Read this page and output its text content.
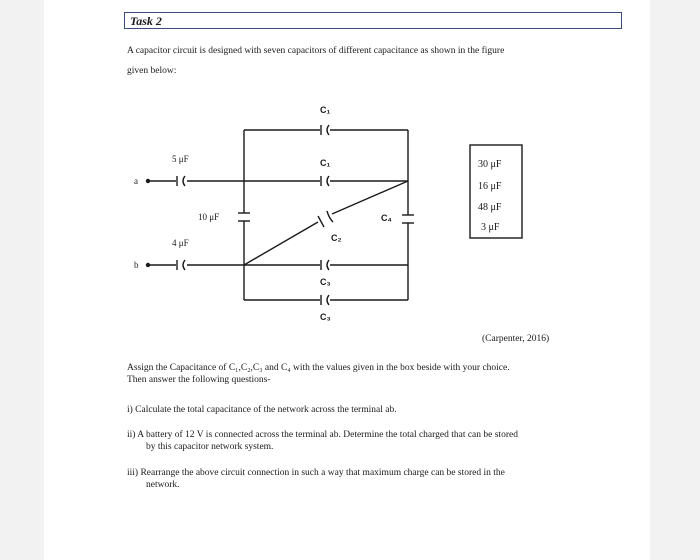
Task 2
A capacitor circuit is designed with seven capacitors of different capacitance as shown in the figure
given below:
a
b
5 μF
10 μF
4 μF
C₁
C₁
C₂
C₃
C₃
C₄
30 μF
16 μF
48 μF
3 μF
(Carpenter, 2016)
Assign the Capacitance of C₁,C₂,C₃ and C₄ with the values given in the box beside with your choice.
Then answer the following questions-
i) Calculate the total capacitance of the network across the terminal ab.
ii) A battery of 12 V is connected across the terminal ab. Determine the total charged that can be stored
by this capacitor network system.
iii) Rearrange the above circuit connection in such a way that maximum charge can be stored in the
network.
